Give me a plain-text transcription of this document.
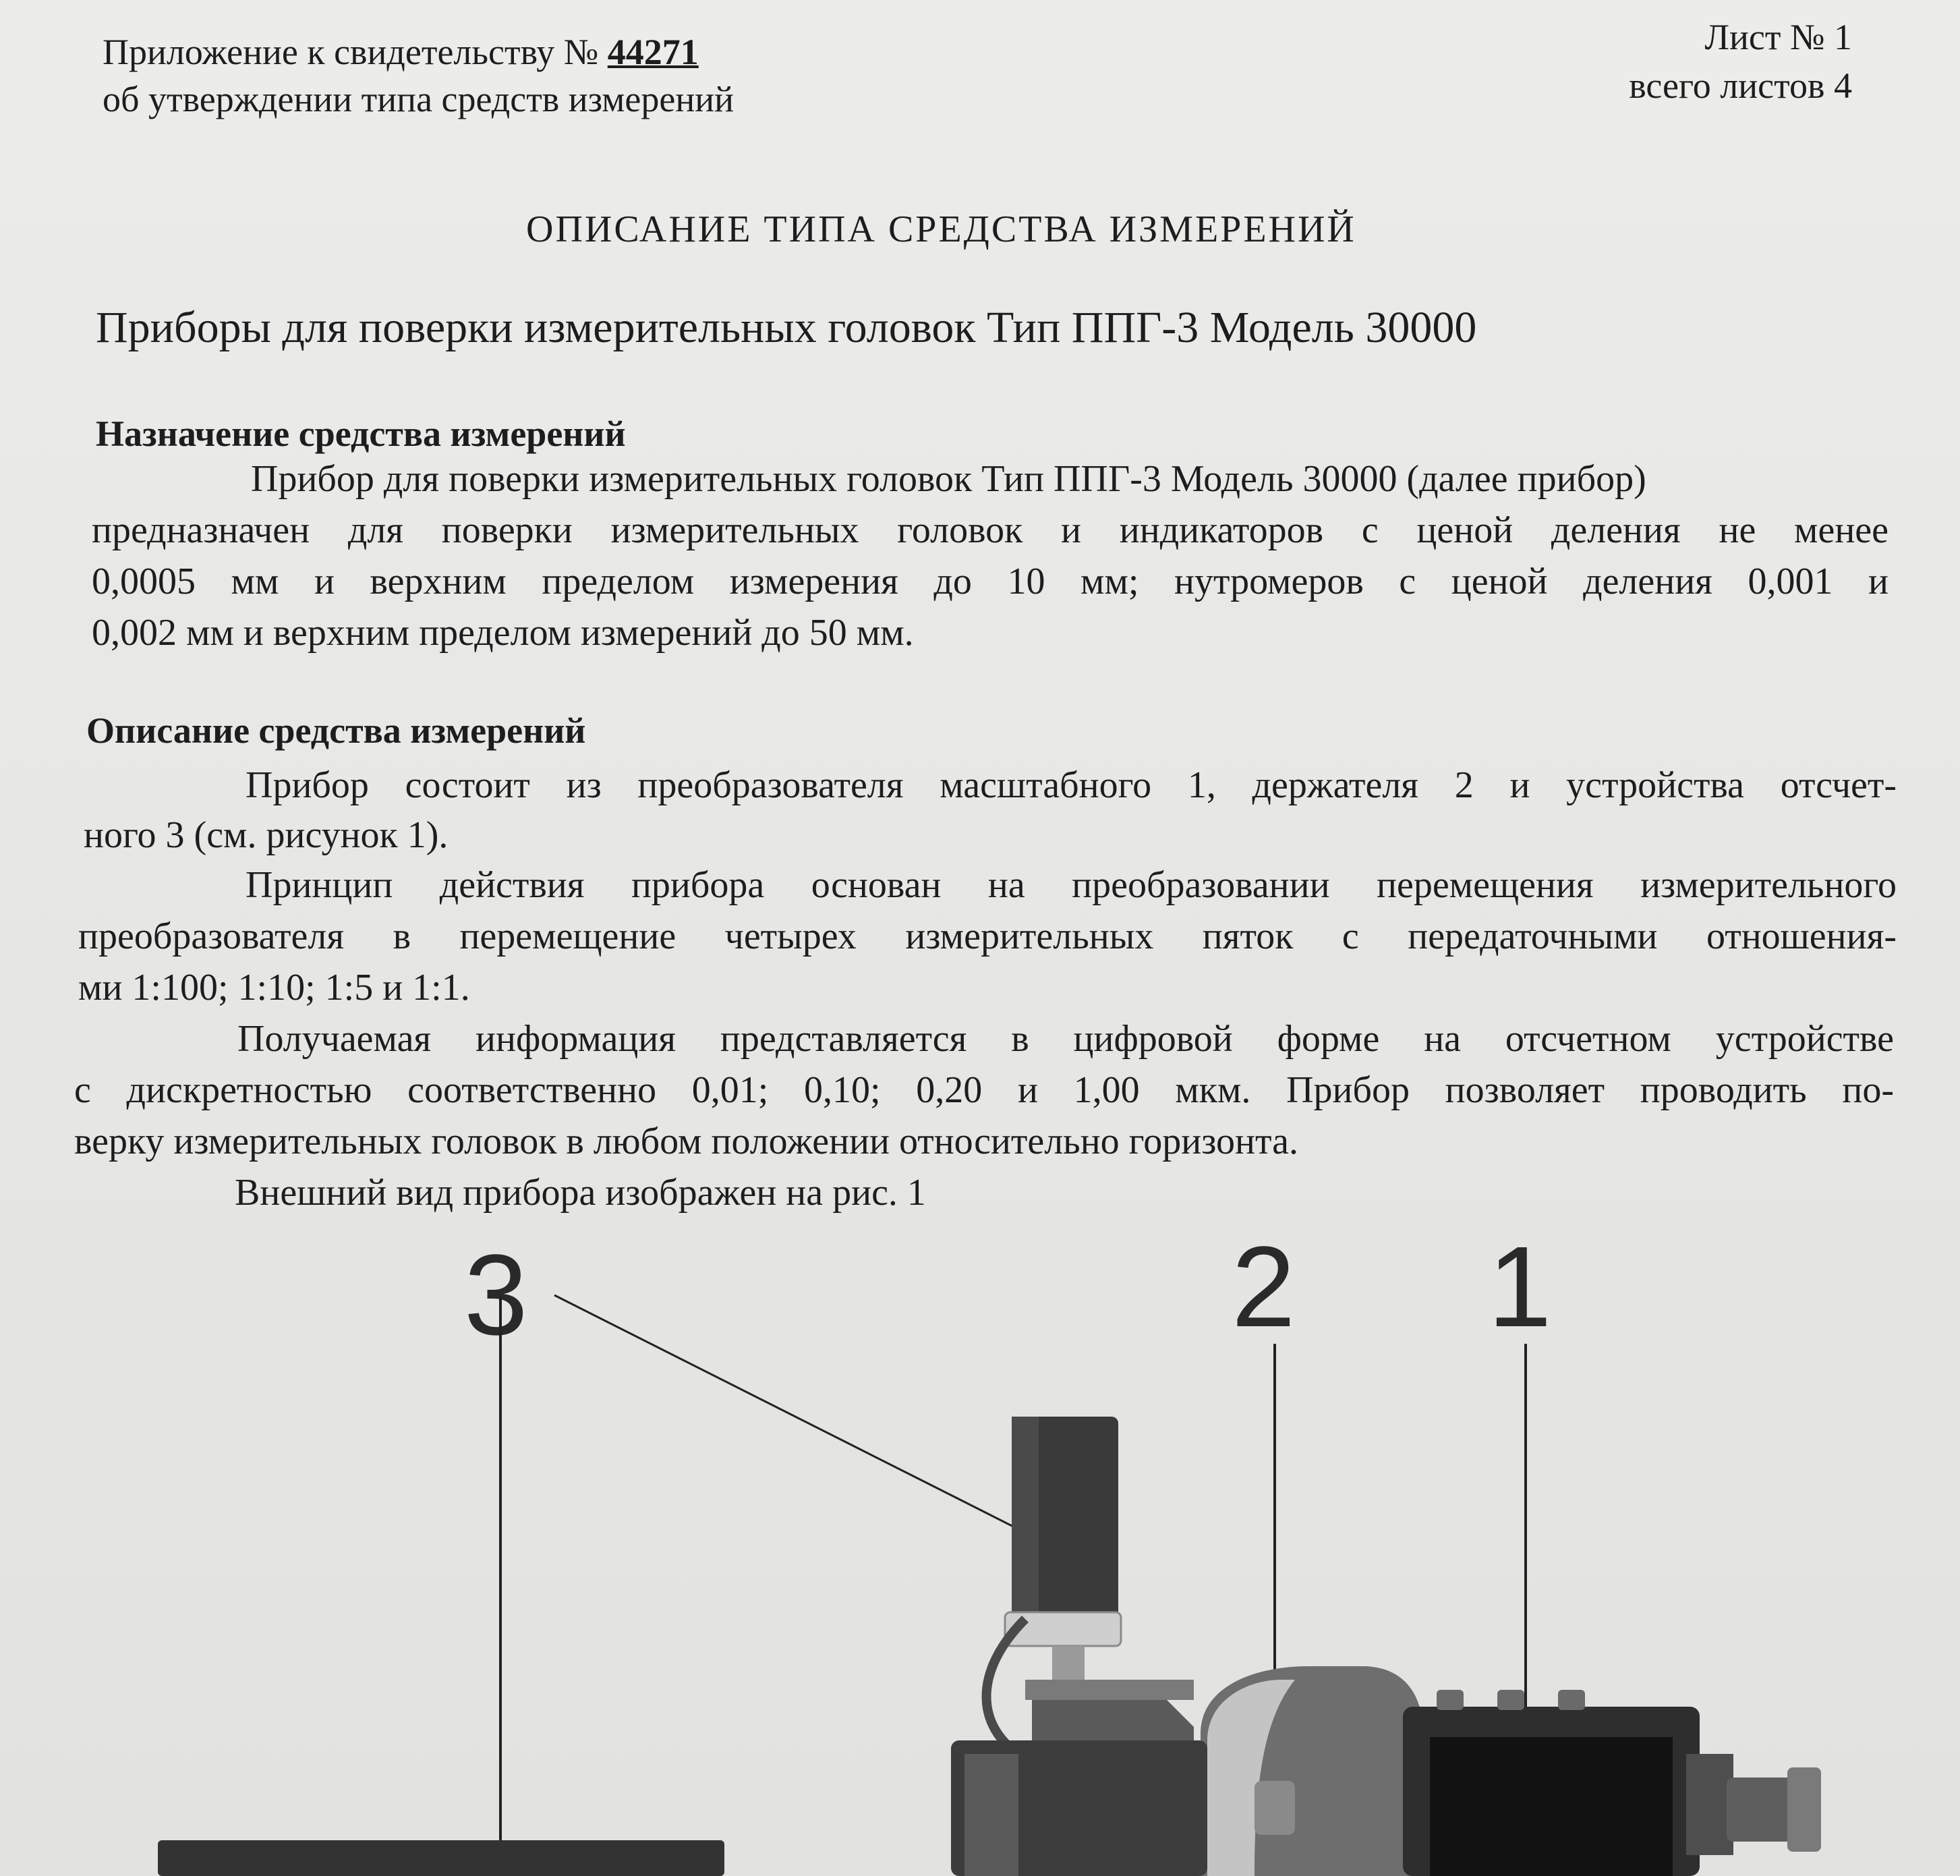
Приложение к свидетельству № 44271

об утверждении типа средств измерений

Лист № 1

всего листов 4

ОПИСАНИЕ ТИПА СРЕДСТВА ИЗМЕРЕНИЙ

Приборы для поверки измерительных головок Тип ППГ-3 Модель 30000

Назначение средства измерений

Прибор для поверки измерительных головок Тип ППГ-3 Модель 30000 (далее прибор)

предназначен для поверки измерительных головок и индикаторов с ценой деления не менее

0,0005 мм и верхним пределом измерения до 10 мм; нутромеров с ценой деления 0,001 и

0,002 мм и верхним пределом измерений до 50 мм.

Описание средства измерений

Прибор состоит из преобразователя масштабного 1, держателя 2 и устройства отсчет-

ного 3 (см. рисунок 1).

Принцип действия прибора основан на преобразовании перемещения измерительного

преобразователя в перемещение четырех измерительных пяток с передаточными отношения-

ми 1:100; 1:10; 1:5 и 1:1.

Получаемая информация представляется в цифровой форме на отсчетном устройстве

с дискретностью соответственно 0,01; 0,10; 0,20 и 1,00 мкм. Прибор позволяет проводить по-

верку измерительных головок в любом положении относительно горизонта.

Внешний вид прибора изображен на рис. 1

3	2 1
